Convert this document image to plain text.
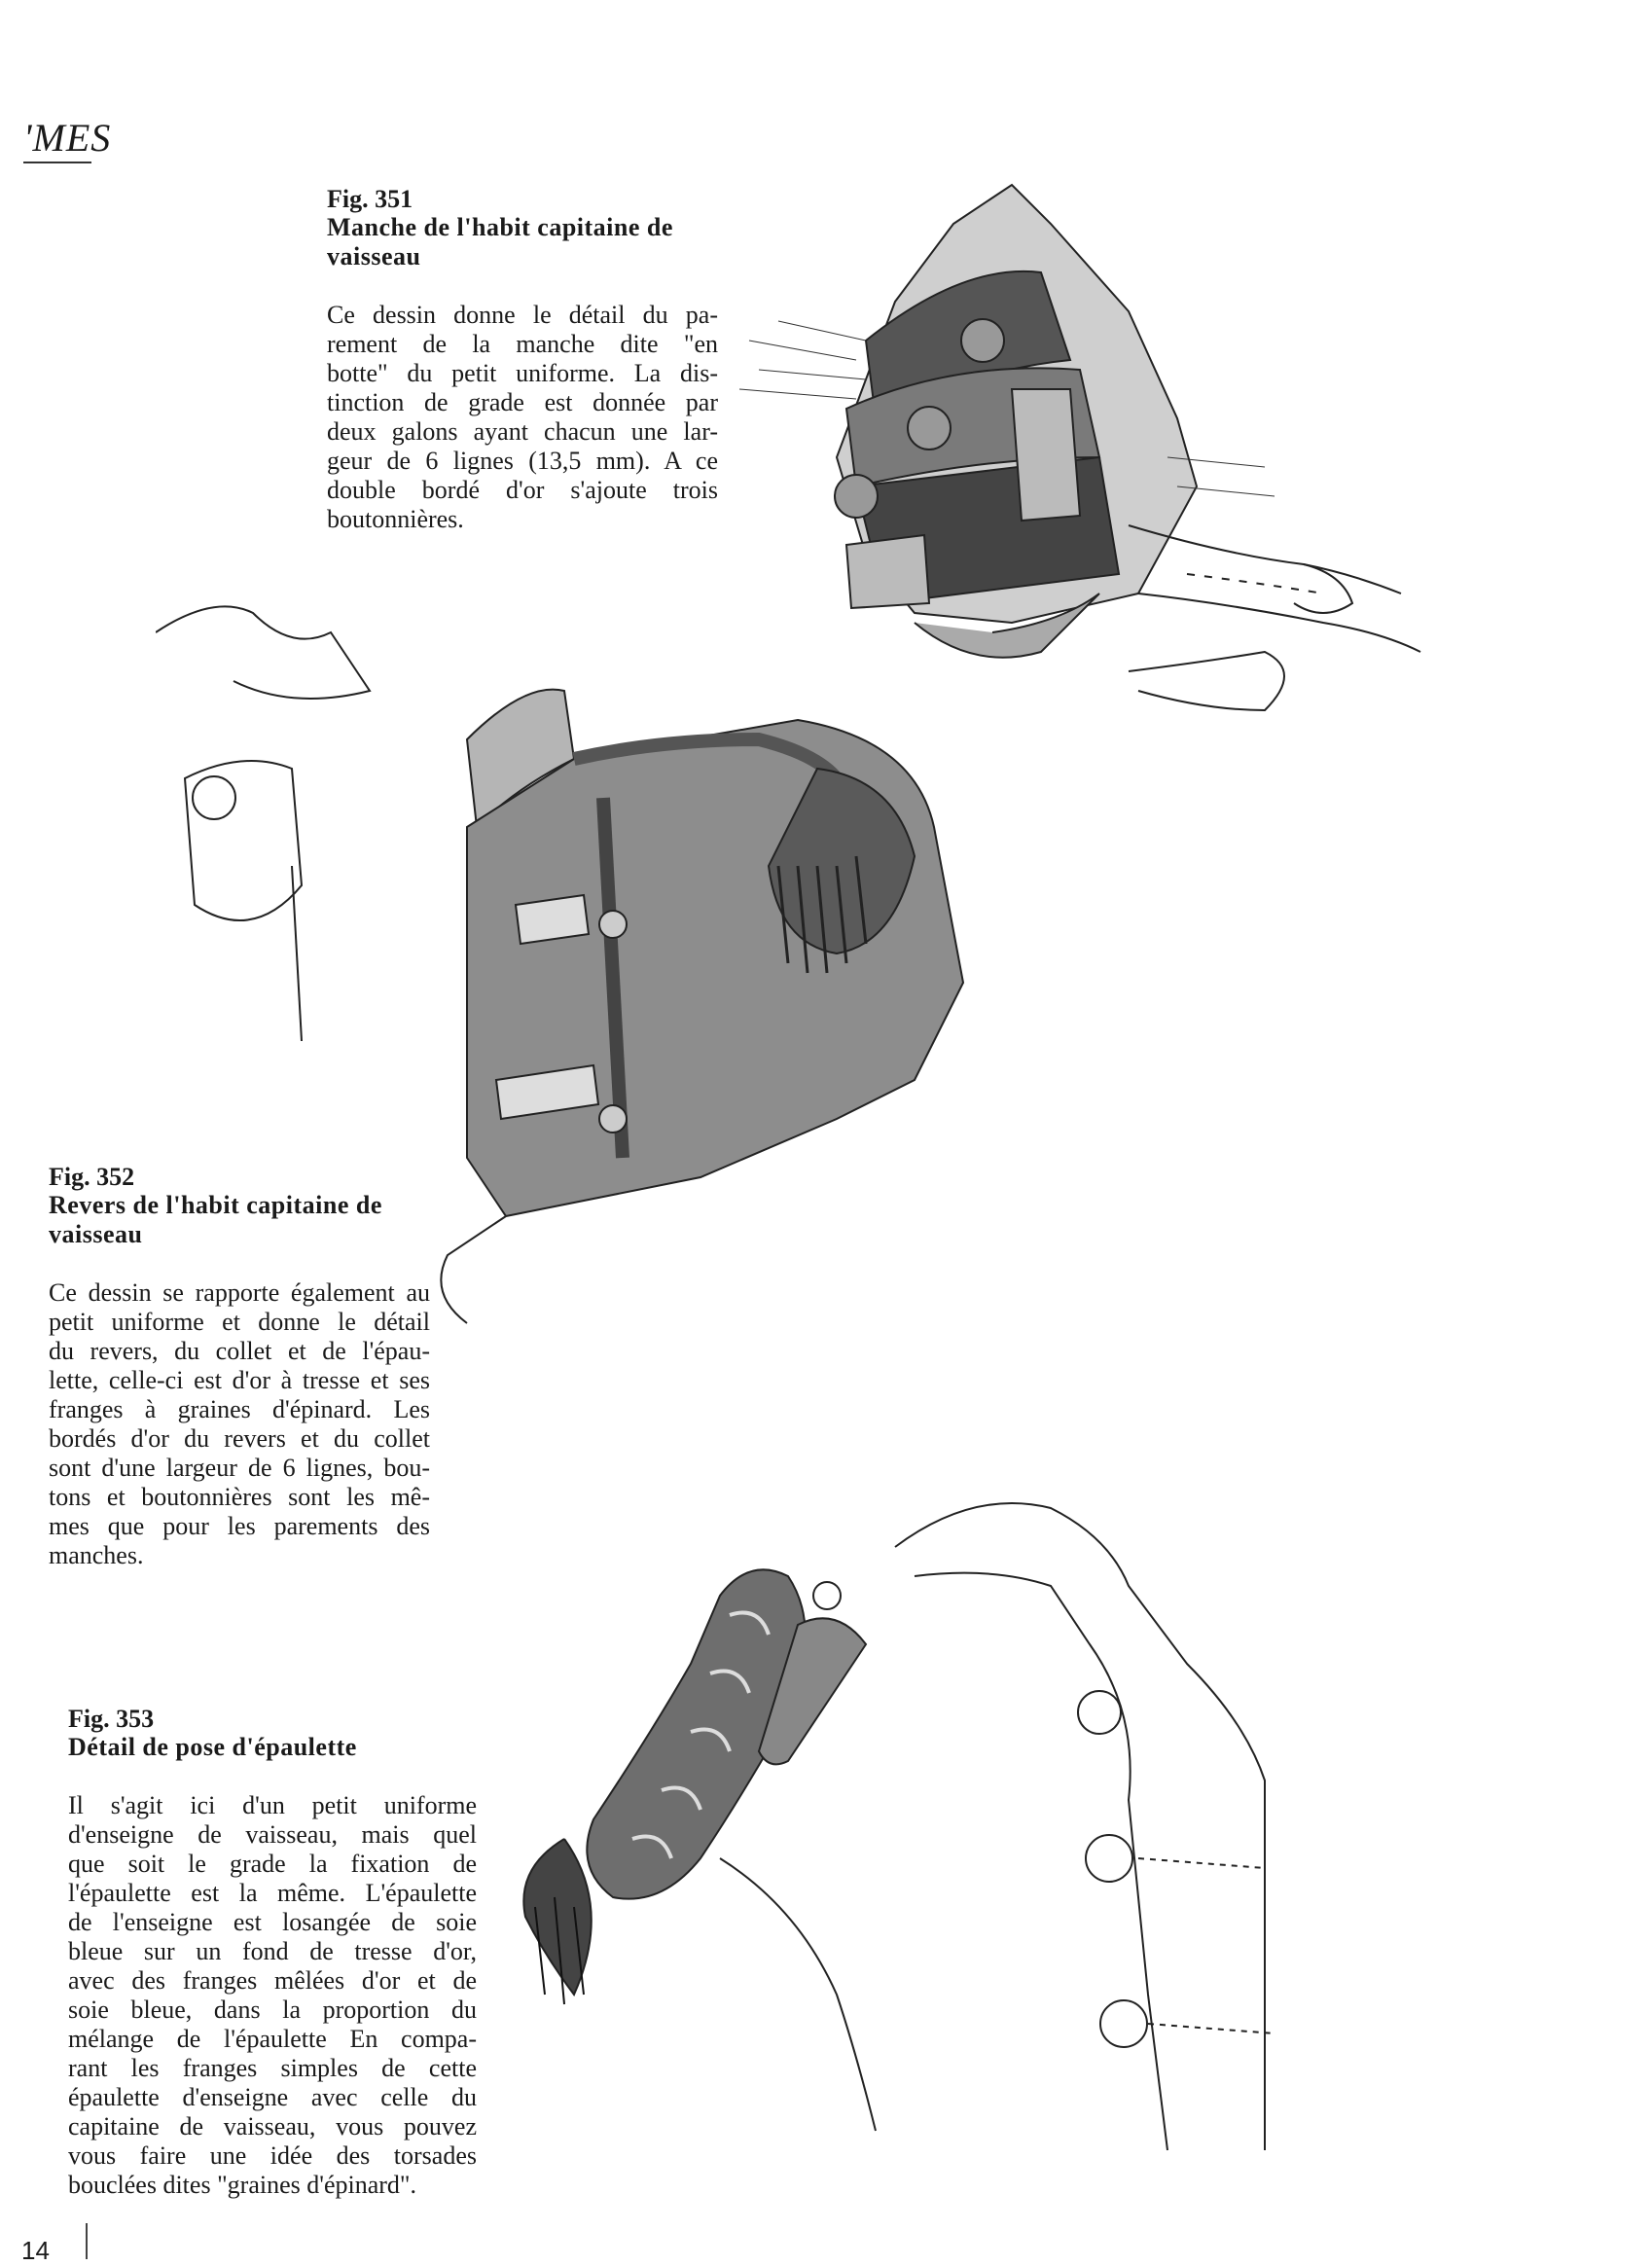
'MES
Fig. 351
Manche de l'habit capitaine de
vaisseau
Ce dessin donne le détail du pa-
rement de la manche dite "en
botte" du petit uniforme. La dis-
tinction de grade est donnée par
deux galons ayant chacun une lar-
geur de 6 lignes (13,5 mm). A ce
double bordé d'or s'ajoute trois
boutonnières.
Fig. 352
Revers de l'habit capitaine de
vaisseau
Ce dessin se rapporte également au
petit uniforme et donne le détail
du revers, du collet et de l'épau-
lette, celle-ci est d'or à tresse et ses
franges à graines d'épinard. Les
bordés d'or du revers et du collet
sont d'une largeur de 6 lignes, bou-
tons et boutonnières sont les mê-
mes que pour les parements des
manches.
Fig. 353
Détail de pose d'épaulette
Il s'agit ici d'un petit uniforme
d'enseigne de vaisseau, mais quel
que soit le grade la fixation de
l'épaulette est la même. L'épaulette
de l'enseigne est losangée de soie
bleue sur un fond de tresse d'or,
avec des franges mêlées d'or et de
soie bleue, dans la proportion du
mélange de l'épaulette En compa-
rant les franges simples de cette
épaulette d'enseigne avec celle du
capitaine de vaisseau, vous pouvez
vous faire une idée des torsades
bouclées dites "graines d'épinard".
14
